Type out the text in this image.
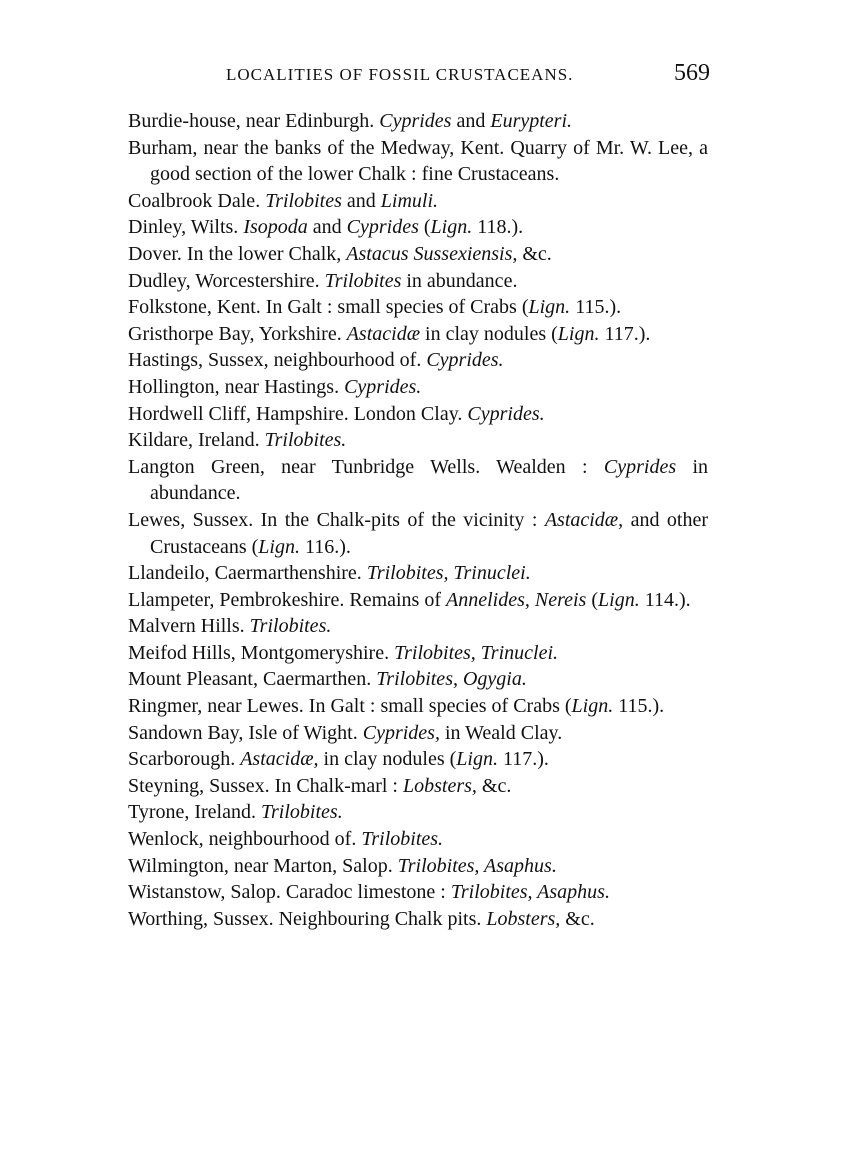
LOCALITIES OF FOSSIL CRUSTACEANS.	569
Burdie-house, near Edinburgh. Cyprides and Eurypteri.
Burham, near the banks of the Medway, Kent. Quarry of Mr. W. Lee, a good section of the lower Chalk : fine Crustaceans.
Coalbrook Dale. Trilobites and Limuli.
Dinley, Wilts. Isopoda and Cyprides (Lign. 118.).
Dover. In the lower Chalk, Astacus Sussexiensis, &c.
Dudley, Worcestershire. Trilobites in abundance.
Folkstone, Kent. In Galt : small species of Crabs (Lign. 115.).
Gristhorpe Bay, Yorkshire. Astacidæ in clay nodules (Lign. 117.).
Hastings, Sussex, neighbourhood of. Cyprides.
Hollington, near Hastings. Cyprides.
Hordwell Cliff, Hampshire. London Clay. Cyprides.
Kildare, Ireland. Trilobites.
Langton Green, near Tunbridge Wells. Wealden : Cyprides in abundance.
Lewes, Sussex. In the Chalk-pits of the vicinity : Astacidæ, and other Crustaceans (Lign. 116.).
Llandeilo, Caermarthenshire. Trilobites, Trinuclei.
Llampeter, Pembrokeshire. Remains of Annelides, Nereis (Lign. 114.).
Malvern Hills. Trilobites.
Meifod Hills, Montgomeryshire. Trilobites, Trinuclei.
Mount Pleasant, Caermarthen. Trilobites, Ogygia.
Ringmer, near Lewes. In Galt : small species of Crabs (Lign. 115.).
Sandown Bay, Isle of Wight. Cyprides, in Weald Clay.
Scarborough. Astacidæ, in clay nodules (Lign. 117.).
Steyning, Sussex. In Chalk-marl : Lobsters, &c.
Tyrone, Ireland. Trilobites.
Wenlock, neighbourhood of. Trilobites.
Wilmington, near Marton, Salop. Trilobites, Asaphus.
Wistanstow, Salop. Caradoc limestone : Trilobites, Asaphus.
Worthing, Sussex. Neighbouring Chalk pits. Lobsters, &c.
